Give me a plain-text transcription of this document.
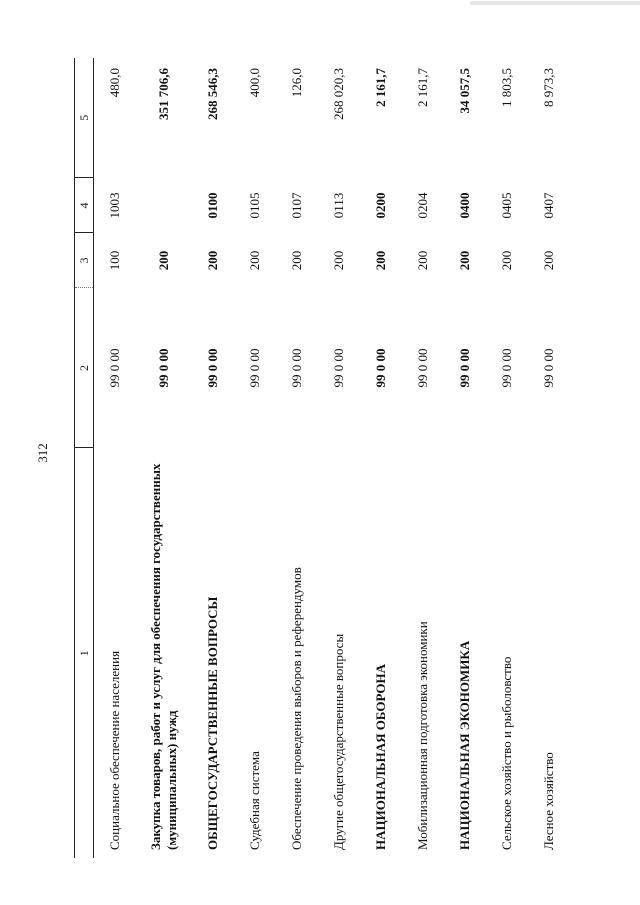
312
1	2	3	4	5
Социальное обеспечение населения	99 0 00	100	1003	480,0
Закупка товаров, работ и услуг для обеспечения государственных (муниципальных) нужд	99 0 00	200		351 706,6
ОБЩЕГОСУДАРСТВЕННЫЕ ВОПРОСЫ	99 0 00	200	0100	268 546,3
Судебная система	99 0 00	200	0105	400,0
Обеспечение проведения выборов и референдумов	99 0 00	200	0107	126,0
Другие общегосударственные вопросы	99 0 00	200	0113	268 020,3
НАЦИОНАЛЬНАЯ ОБОРОНА	99 0 00	200	0200	2 161,7
Мобилизационная подготовка экономики	99 0 00	200	0204	2 161,7
НАЦИОНАЛЬНАЯ ЭКОНОМИКА	99 0 00	200	0400	34 057,5
Сельское хозяйство и рыболовство	99 0 00	200	0405	1 803,5
Лесное хозяйство	99 0 00	200	0407	8 973,3
